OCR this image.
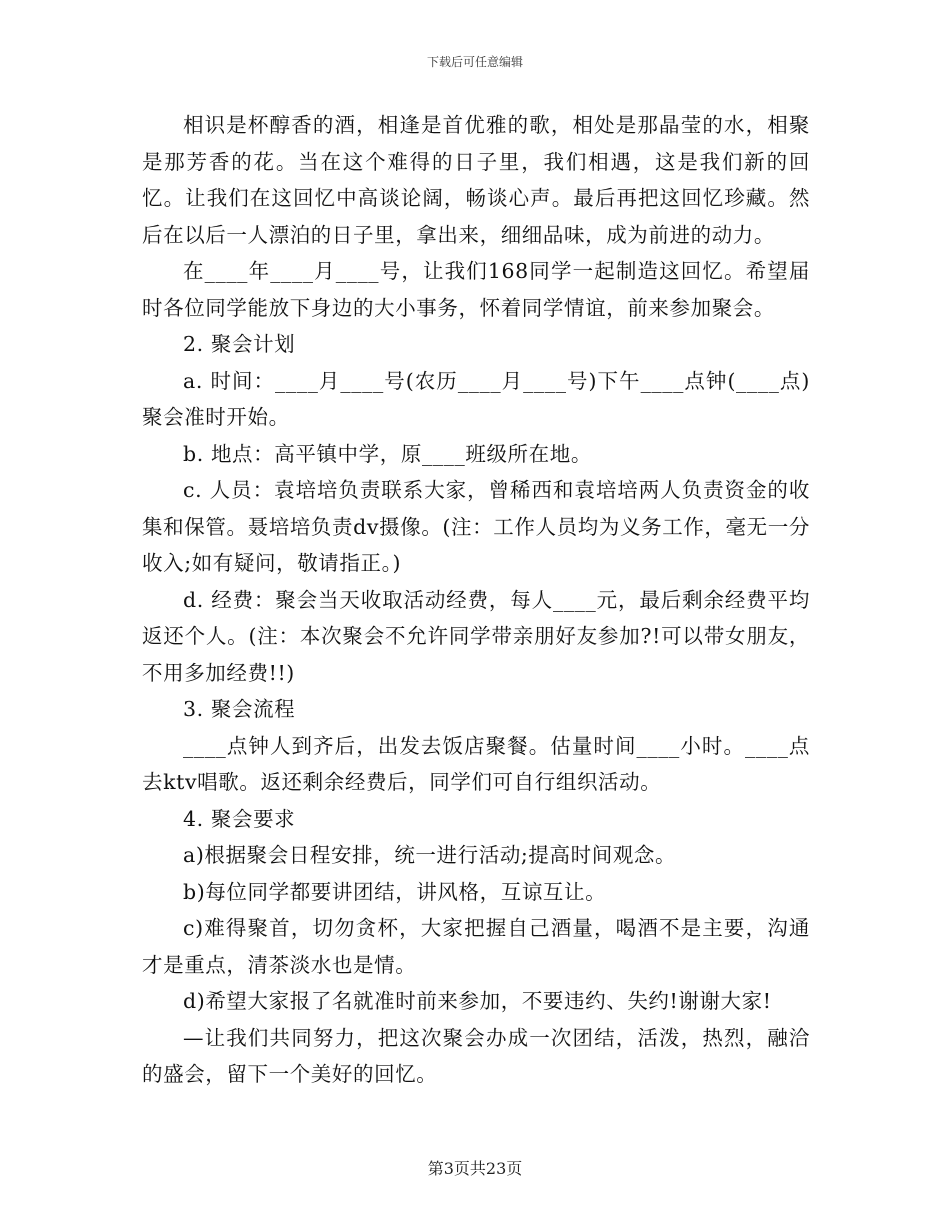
下载后可任意编辑

相识是杯醇香的酒，相逢是首优雅的歌，相处是那晶莹的水，相聚是那芳香的花。当在这个难得的日子里，我们相遇，这是我们新的回忆。让我们在这回忆中高谈论阔，畅谈心声。最后再把这回忆珍藏。然后在以后一人漂泊的日子里，拿出来，细细品味，成为前进的动力。

在____年____月____号，让我们168同学一起制造这回忆。希望届时各位同学能放下身边的大小事务，怀着同学情谊，前来参加聚会。

2. 聚会计划

a. 时间：____月____号(农历____月____号)下午____点钟(____点)聚会准时开始。

b. 地点：高平镇中学，原____班级所在地。

c. 人员：袁培培负责联系大家，曾稀西和袁培培两人负责资金的收集和保管。聂培培负责dv摄像。(注：工作人员均为义务工作，毫无一分收入;如有疑问，敬请指正。)

d. 经费：聚会当天收取活动经费，每人____元，最后剩余经费平均返还个人。(注：本次聚会不允许同学带亲朋好友参加?!可以带女朋友，不用多加经费!!)

3. 聚会流程

____点钟人到齐后，出发去饭店聚餐。估量时间____小时。____点去ktv唱歌。返还剩余经费后，同学们可自行组织活动。

4. 聚会要求

a)根据聚会日程安排，统一进行活动;提高时间观念。

b)每位同学都要讲团结，讲风格，互谅互让。

c)难得聚首，切勿贪杯，大家把握自己酒量，喝酒不是主要，沟通才是重点，清茶淡水也是情。

d)希望大家报了名就准时前来参加，不要违约、失约!谢谢大家!

—让我们共同努力，把这次聚会办成一次团结，活泼，热烈，融洽的盛会，留下一个美好的回忆。

第3页共23页
